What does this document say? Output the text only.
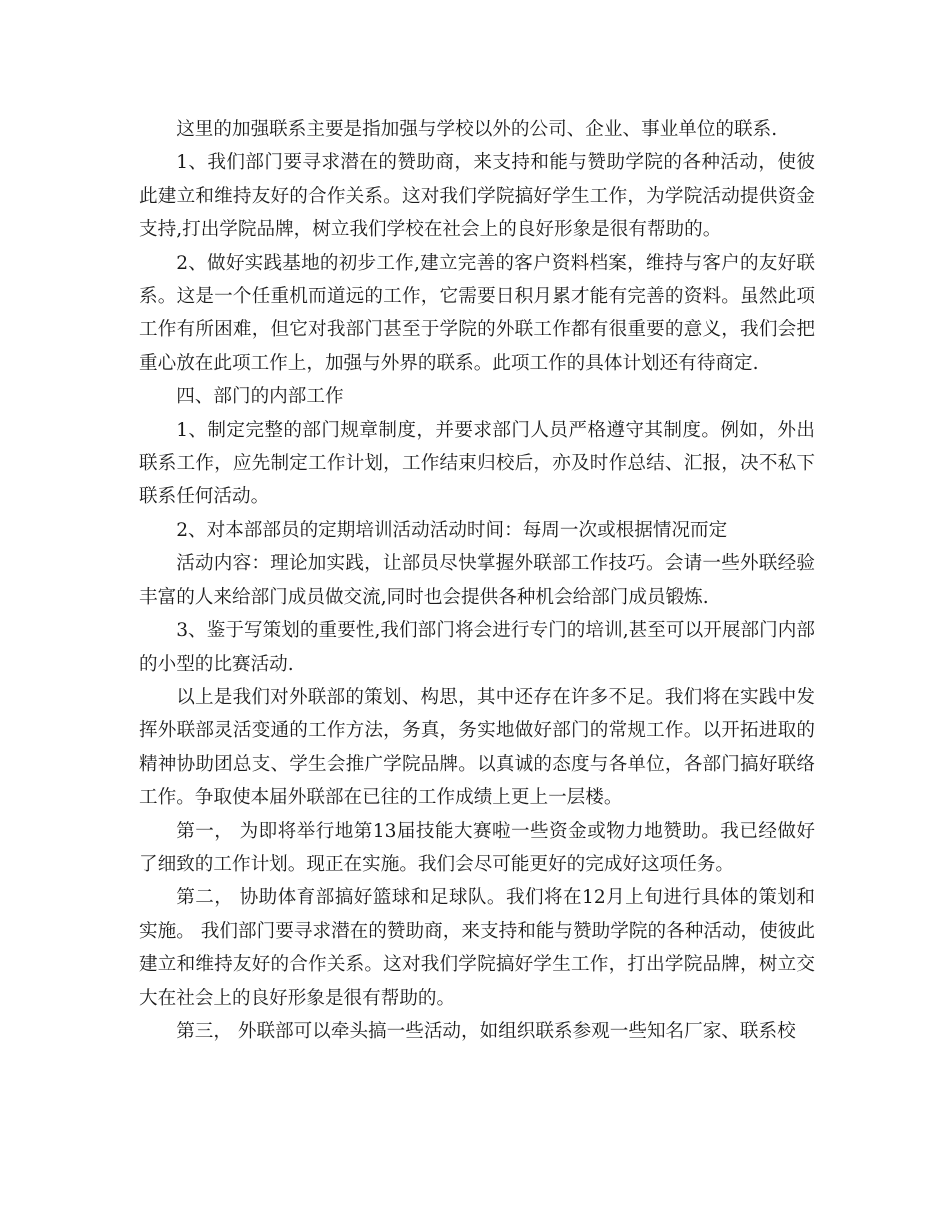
这里的加强联系主要是指加强与学校以外的公司、企业、事业单位的联系.

1、我们部门要寻求潜在的赞助商，来支持和能与赞助学院的各种活动，使彼此建立和维持友好的合作关系。这对我们学院搞好学生工作，为学院活动提供资金支持,打出学院品牌，树立我们学校在社会上的良好形象是很有帮助的。

2、做好实践基地的初步工作,建立完善的客户资料档案，维持与客户的友好联系。这是一个任重机而道远的工作，它需要日积月累才能有完善的资料。虽然此项工作有所困难，但它对我部门甚至于学院的外联工作都有很重要的意义，我们会把重心放在此项工作上，加强与外界的联系。此项工作的具体计划还有待商定.

四、部门的内部工作

1、制定完整的部门规章制度，并要求部门人员严格遵守其制度。例如，外出联系工作，应先制定工作计划，工作结束归校后，亦及时作总结、汇报，决不私下联系任何活动。

2、对本部部员的定期培训活动活动时间：每周一次或根据情况而定

活动内容：理论加实践，让部员尽快掌握外联部工作技巧。会请一些外联经验丰富的人来给部门成员做交流,同时也会提供各种机会给部门成员锻炼.

3、鉴于写策划的重要性,我们部门将会进行专门的培训,甚至可以开展部门内部的小型的比赛活动.

以上是我们对外联部的策划、构思，其中还存在许多不足。我们将在实践中发挥外联部灵活变通的工作方法，务真，务实地做好部门的常规工作。以开拓进取的精神协助团总支、学生会推广学院品牌。以真诚的态度与各单位，各部门搞好联络工作。争取使本届外联部在已往的工作成绩上更上一层楼。

第一， 为即将举行地第13届技能大赛啦一些资金或物力地赞助。我已经做好了细致的工作计划。现正在实施。我们会尽可能更好的完成好这项任务。

第二， 协助体育部搞好篮球和足球队。我们将在12月上旬进行具体的策划和实施。 我们部门要寻求潜在的赞助商，来支持和能与赞助学院的各种活动，使彼此建立和维持友好的合作关系。这对我们学院搞好学生工作，打出学院品牌，树立交大在社会上的良好形象是很有帮助的。

第三， 外联部可以牵头搞一些活动，如组织联系参观一些知名厂家、联系校
